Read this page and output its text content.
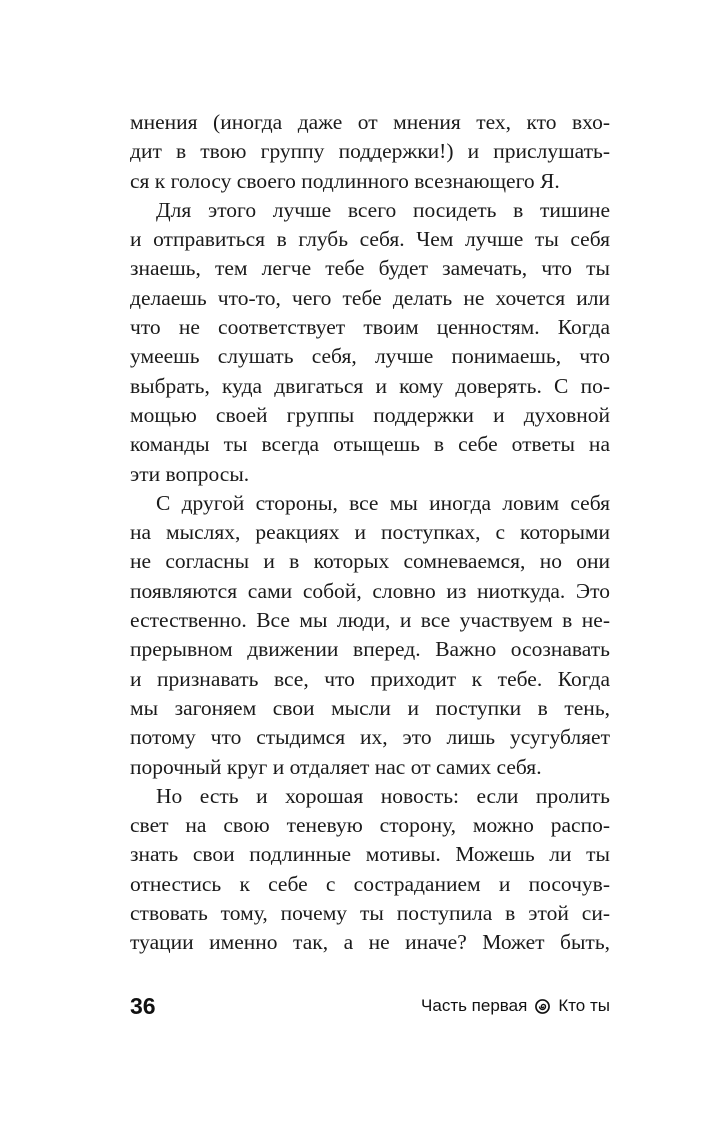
мнения (иногда даже от мнения тех, кто вхо-
дит в твою группу поддержки!) и прислушать-
ся к голосу своего подлинного всезнающего Я.
Для этого лучше всего посидеть в тишине
и отправиться в глубь себя. Чем лучше ты себя
знаешь, тем легче тебе будет замечать, что ты
делаешь что-то, чего тебе делать не хочется или
что не соответствует твоим ценностям. Когда
умеешь слушать себя, лучше понимаешь, что
выбрать, куда двигаться и кому доверять. С по-
мощью своей группы поддержки и духовной
команды ты всегда отыщешь в себе ответы на
эти вопросы.
С другой стороны, все мы иногда ловим себя
на мыслях, реакциях и поступках, с которыми
не согласны и в которых сомневаемся, но они
появляются сами собой, словно из ниоткуда. Это
естественно. Все мы люди, и все участвуем в не-
прерывном движении вперед. Важно осознавать
и признавать все, что приходит к тебе. Когда
мы загоняем свои мысли и поступки в тень,
потому что стыдимся их, это лишь усугубляет
порочный круг и отдаляет нас от самих себя.
Но есть и хорошая новость: если пролить
свет на свою теневую сторону, можно распо-
знать свои подлинные мотивы. Можешь ли ты
отнестись к себе с состраданием и посочув-
ствовать тому, почему ты поступила в этой си-
туации именно так, а не иначе? Может быть,
36	Часть первая Кто ты
